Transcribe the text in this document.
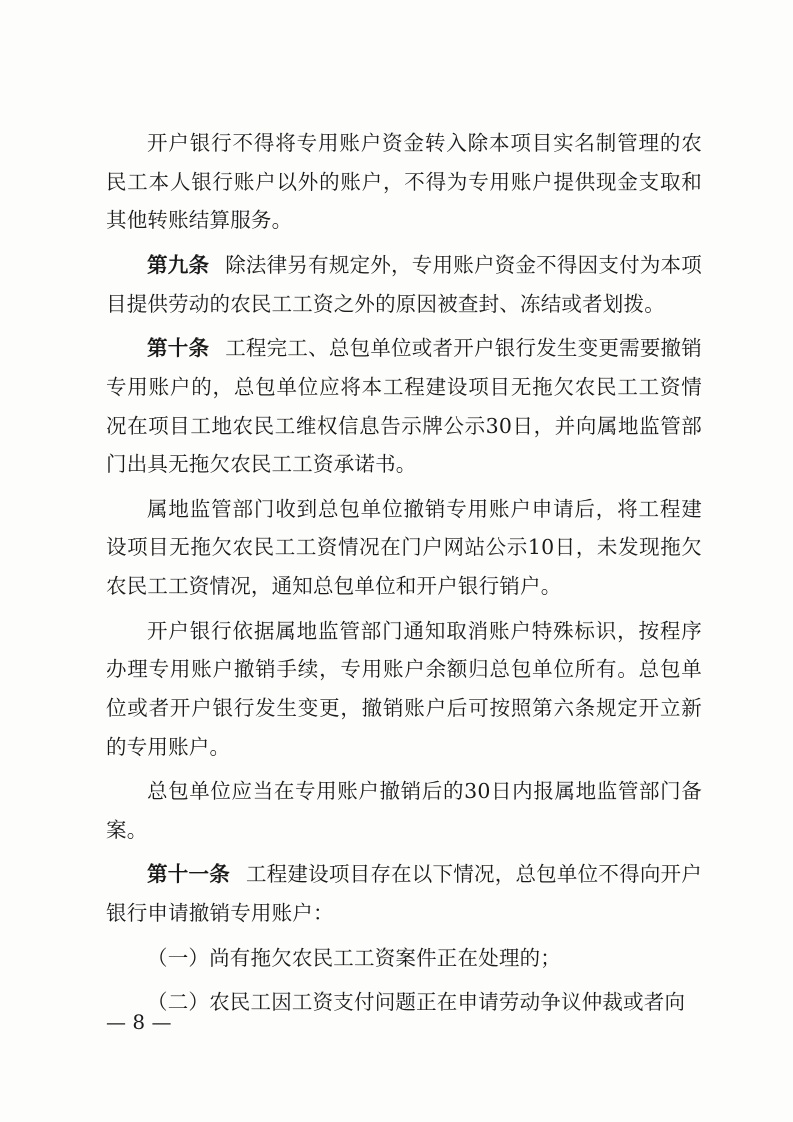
开户银行不得将专用账户资金转入除本项目实名制管理的农民工本人银行账户以外的账户，不得为专用账户提供现金支取和其他转账结算服务。

第九条 除法律另有规定外，专用账户资金不得因支付为本项目提供劳动的农民工工资之外的原因被查封、冻结或者划拨。

第十条 工程完工、总包单位或者开户银行发生变更需要撤销专用账户的，总包单位应将本工程建设项目无拖欠农民工工资情况在项目工地农民工维权信息告示牌公示30日，并向属地监管部门出具无拖欠农民工工资承诺书。

属地监管部门收到总包单位撤销专用账户申请后，将工程建设项目无拖欠农民工工资情况在门户网站公示10日，未发现拖欠农民工工资情况，通知总包单位和开户银行销户。

开户银行依据属地监管部门通知取消账户特殊标识，按程序办理专用账户撤销手续，专用账户余额归总包单位所有。总包单位或者开户银行发生变更，撤销账户后可按照第六条规定开立新的专用账户。

总包单位应当在专用账户撤销后的30日内报属地监管部门备案。

第十一条 工程建设项目存在以下情况，总包单位不得向开户银行申请撤销专用账户：

（一）尚有拖欠农民工工资案件正在处理的；

（二）农民工因工资支付问题正在申请劳动争议仲裁或者向

— 8 —
